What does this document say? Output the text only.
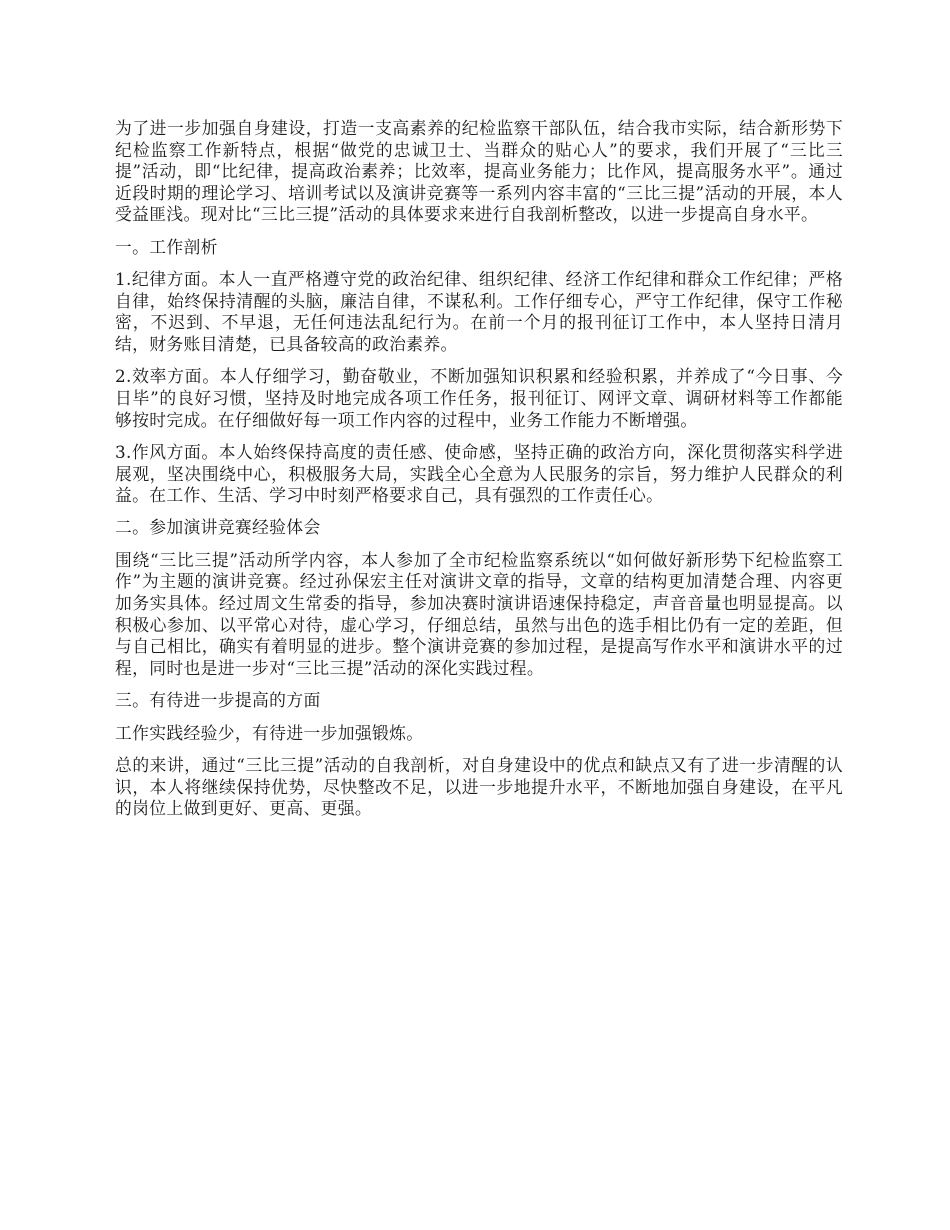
为了进一步加强自身建设，打造一支高素养的纪检监察干部队伍，结合我市实际，结合新形势下纪检监察工作新特点，根据“做党的忠诚卫士、当群众的贴心人”的要求，我们开展了“三比三提”活动，即“比纪律，提高政治素养；比效率，提高业务能力；比作风，提高服务水平”。通过近段时期的理论学习、培训考试以及演讲竞赛等一系列内容丰富的“三比三提”活动的开展，本人受益匪浅。现对比“三比三提”活动的具体要求来进行自我剖析整改，以进一步提高自身水平。

一。工作剖析

1.纪律方面。本人一直严格遵守党的政治纪律、组织纪律、经济工作纪律和群众工作纪律；严格自律，始终保持清醒的头脑，廉洁自律，不谋私利。工作仔细专心，严守工作纪律，保守工作秘密，不迟到、不早退，无任何违法乱纪行为。在前一个月的报刊征订工作中，本人坚持日清月结，财务账目清楚，已具备较高的政治素养。

2.效率方面。本人仔细学习，勤奋敬业，不断加强知识积累和经验积累，并养成了“今日事、今日毕”的良好习惯，坚持及时地完成各项工作任务，报刊征订、网评文章、调研材料等工作都能够按时完成。在仔细做好每一项工作内容的过程中，业务工作能力不断增强。

3.作风方面。本人始终保持高度的责任感、使命感，坚持正确的政治方向，深化贯彻落实科学进展观，坚决围绕中心，积极服务大局，实践全心全意为人民服务的宗旨，努力维护人民群众的利益。在工作、生活、学习中时刻严格要求自己，具有强烈的工作责任心。

二。参加演讲竞赛经验体会

围绕“三比三提”活动所学内容，本人参加了全市纪检监察系统以“如何做好新形势下纪检监察工作”为主题的演讲竞赛。经过孙保宏主任对演讲文章的指导，文章的结构更加清楚合理、内容更加务实具体。经过周文生常委的指导，参加决赛时演讲语速保持稳定，声音音量也明显提高。以积极心参加、以平常心对待，虚心学习，仔细总结，虽然与出色的选手相比仍有一定的差距，但与自己相比，确实有着明显的进步。整个演讲竞赛的参加过程，是提高写作水平和演讲水平的过程，同时也是进一步对“三比三提”活动的深化实践过程。

三。有待进一步提高的方面

工作实践经验少，有待进一步加强锻炼。

总的来讲，通过“三比三提”活动的自我剖析，对自身建设中的优点和缺点又有了进一步清醒的认识，本人将继续保持优势，尽快整改不足，以进一步地提升水平，不断地加强自身建设，在平凡的岗位上做到更好、更高、更强。
